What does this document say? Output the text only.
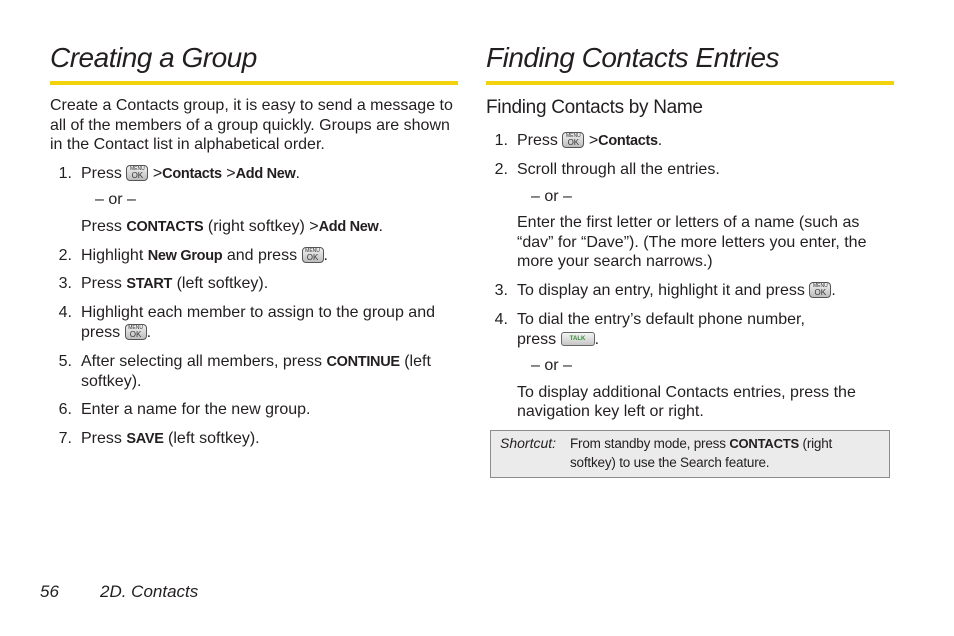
Creating a Group

Create a Contacts group, it is easy to send a message to all of the members of a group quickly. Groups are shown in the Contact list in alphabetical order.

1. Press	MENU
OK >Contacts >Add New.
– or –
Press CONTACTS (right softkey) >Add New.
2. Highlight New Group and press	MENU
OK .
3. Press START (left softkey).
4. Highlight each member to assign to the group and
press	MENU
OK .
5. After selecting all members, press CONTINUE (left
softkey).
6. Enter a name for the new group.
7. Press SAVE (left softkey).
Finding Contacts Entries
Finding Contacts by Name
1. Press	MENU
OK >Contacts.
2. Scroll through all the entries.
– or –
Enter the first letter or letters of a name (such as
“dav” for “Dave”). (The more letters you enter, the
more your search narrows.)
3. To display an entry, highlight it and press	MENU
OK .
4. To dial the entry’s default phone number,
press	TALK .
– or –
To display additional Contacts entries, press the
navigation key left or right.
Shortcut: From standby mode, press CONTACTS (right
softkey) to use the Search feature.
56 2D. Contacts
